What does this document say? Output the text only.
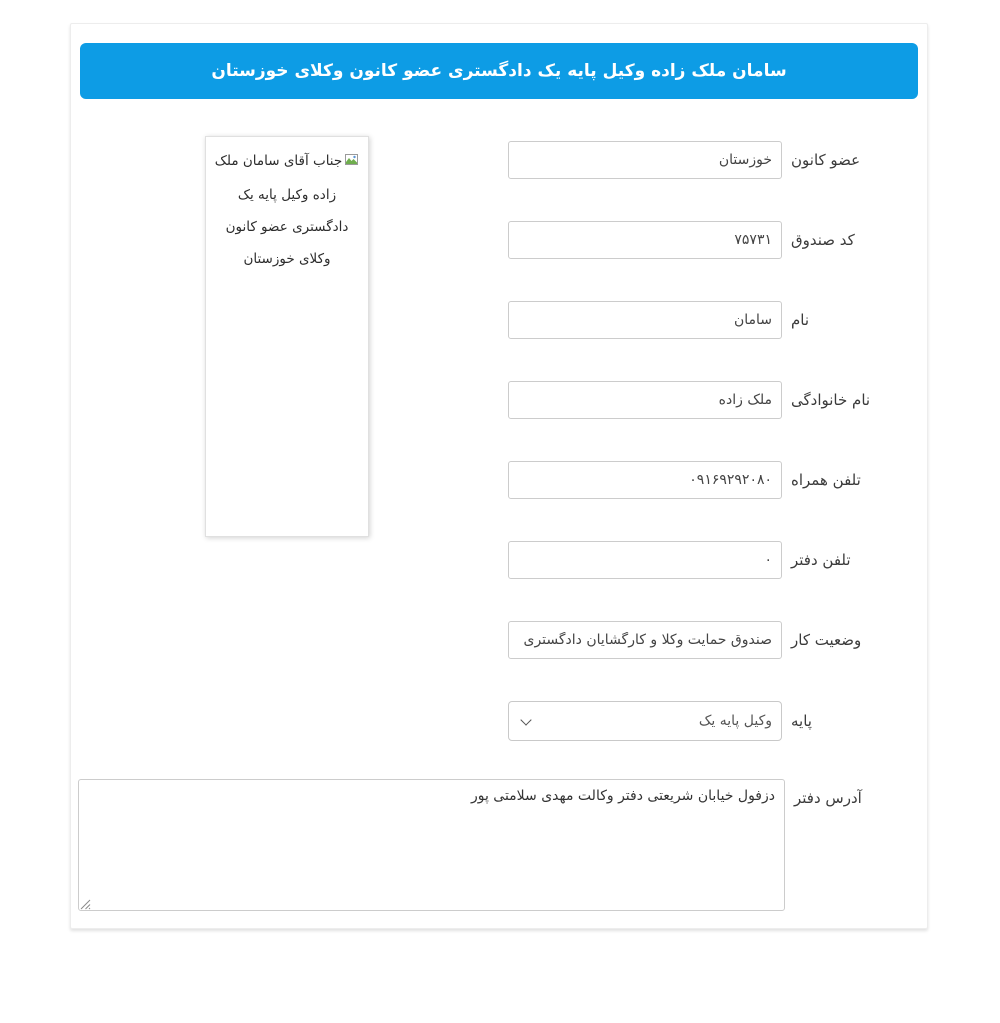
سامان ملک زاده وکیل پایه یک دادگستری عضو کانون وکلای خوزستان
جناب آقای سامان ملک زاده وکیل پایه یک دادگستری عضو کانون وکلای خوزستان
خوزستان
عضو کانون
۷۵۷۳۱
کد صندوق
سامان
نام
ملک زاده
نام خانوادگی
۰۹۱۶۹۲۹۲۰۸۰
تلفن همراه
۰
تلفن دفتر
صندوق حمایت وکلا و کارگشایان دادگستری
وضعیت کار
وکیل پایه یک
پایه
دزفول خیابان شریعتی دفتر وکالت مهدی سلامتی پور
آدرس دفتر
